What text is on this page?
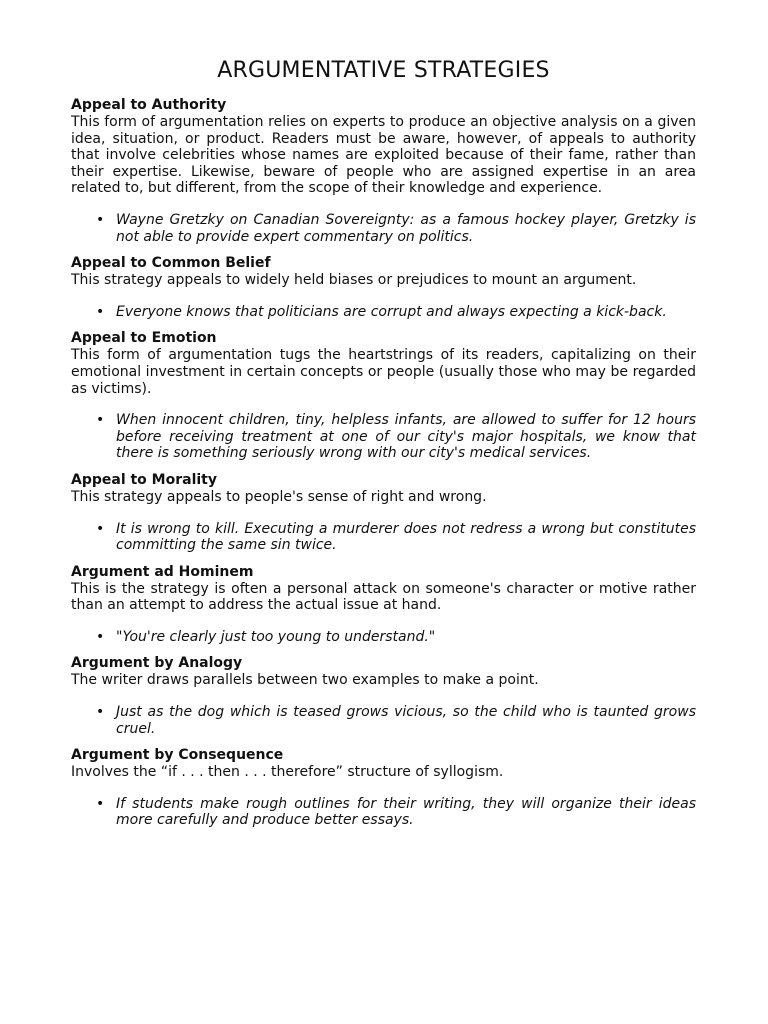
ARGUMENTATIVE STRATEGIES

Appeal to Authority

This form of argumentation relies on experts to produce an objective analysis on a given idea, situation, or product. Readers must be aware, however, of appeals to authority that involve celebrities whose names are exploited because of their fame, rather than their expertise. Likewise, beware of people who are assigned expertise in an area related to, but different, from the scope of their knowledge and experience.

• Wayne Gretzky on Canadian Sovereignty: as a famous hockey player, Gretzky is not able to provide expert commentary on politics.

Appeal to Common Belief

This strategy appeals to widely held biases or prejudices to mount an argument.

• Everyone knows that politicians are corrupt and always expecting a kick-back.

Appeal to Emotion

This form of argumentation tugs the heartstrings of its readers, capitalizing on their emotional investment in certain concepts or people (usually those who may be regarded as victims).

• When innocent children, tiny, helpless infants, are allowed to suffer for 12 hours before receiving treatment at one of our city's major hospitals, we know that there is something seriously wrong with our city's medical services.

Appeal to Morality

This strategy appeals to people's sense of right and wrong.

• It is wrong to kill. Executing a murderer does not redress a wrong but constitutes committing the same sin twice.

Argument ad Hominem

This is the strategy is often a personal attack on someone's character or motive rather than an attempt to address the actual issue at hand.

• "You're clearly just too young to understand."

Argument by Analogy

The writer draws parallels between two examples to make a point.

• Just as the dog which is teased grows vicious, so the child who is taunted grows cruel.

Argument by Consequence

Involves the “if . . . then . . . therefore” structure of syllogism.

• If students make rough outlines for their writing, they will organize their ideas more carefully and produce better essays.
